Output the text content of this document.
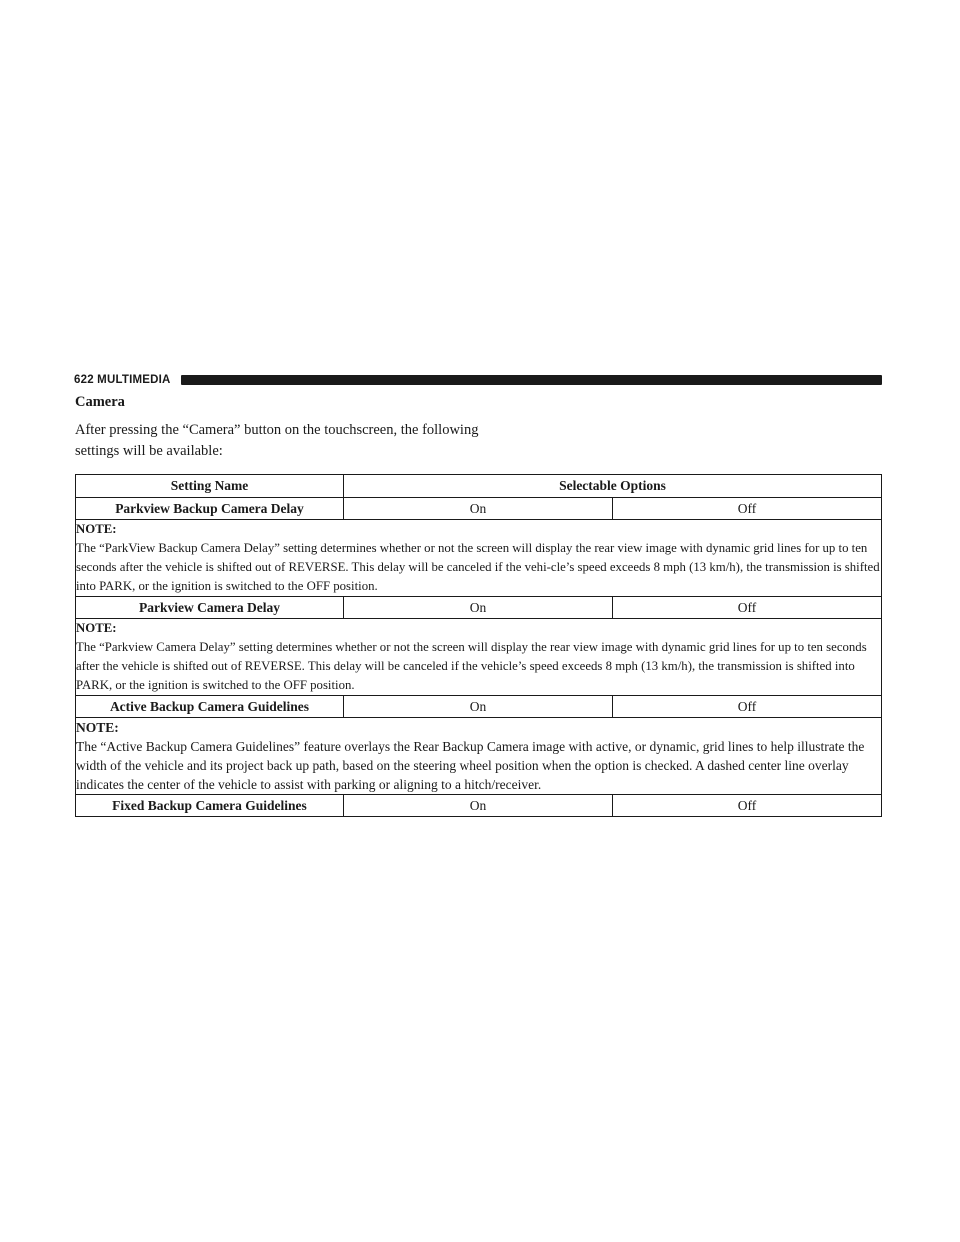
622 MULTIMEDIA
Camera
After pressing the “Camera” button on the touchscreen, the following settings will be available:
Setting Name	Selectable Options	
Parkview Backup Camera Delay	On	Off

NOTE:
The “ParkView Backup Camera Delay” setting determines whether or not the screen will display the rear view image with dynamic grid lines for up to ten seconds after the vehicle is shifted out of REVERSE. This delay will be canceled if the vehi-cle’s speed exceeds 8 mph (13 km/h), the transmission is shifted into PARK, or the ignition is switched to the OFF position.		
Parkview Camera Delay	On	Off

NOTE:
The “Parkview Camera Delay” setting determines whether or not the screen will display the rear view image with dynamic grid lines for up to ten seconds after the vehicle is shifted out of REVERSE. This delay will be canceled if the vehicle’s speed exceeds 8 mph (13 km/h), the transmission is shifted into PARK, or the ignition is switched to the OFF position.		
Active Backup Camera Guidelines	On	Off

NOTE:
The “Active Backup Camera Guidelines” feature overlays the Rear Backup Camera image with active, or dynamic, grid lines to help illustrate the width of the vehicle and its project back up path, based on the steering wheel position when the option is checked. A dashed center line overlay indicates the center of the vehicle to assist with parking or aligning to a hitch/receiver.		
Fixed Backup Camera Guidelines	On	Off
